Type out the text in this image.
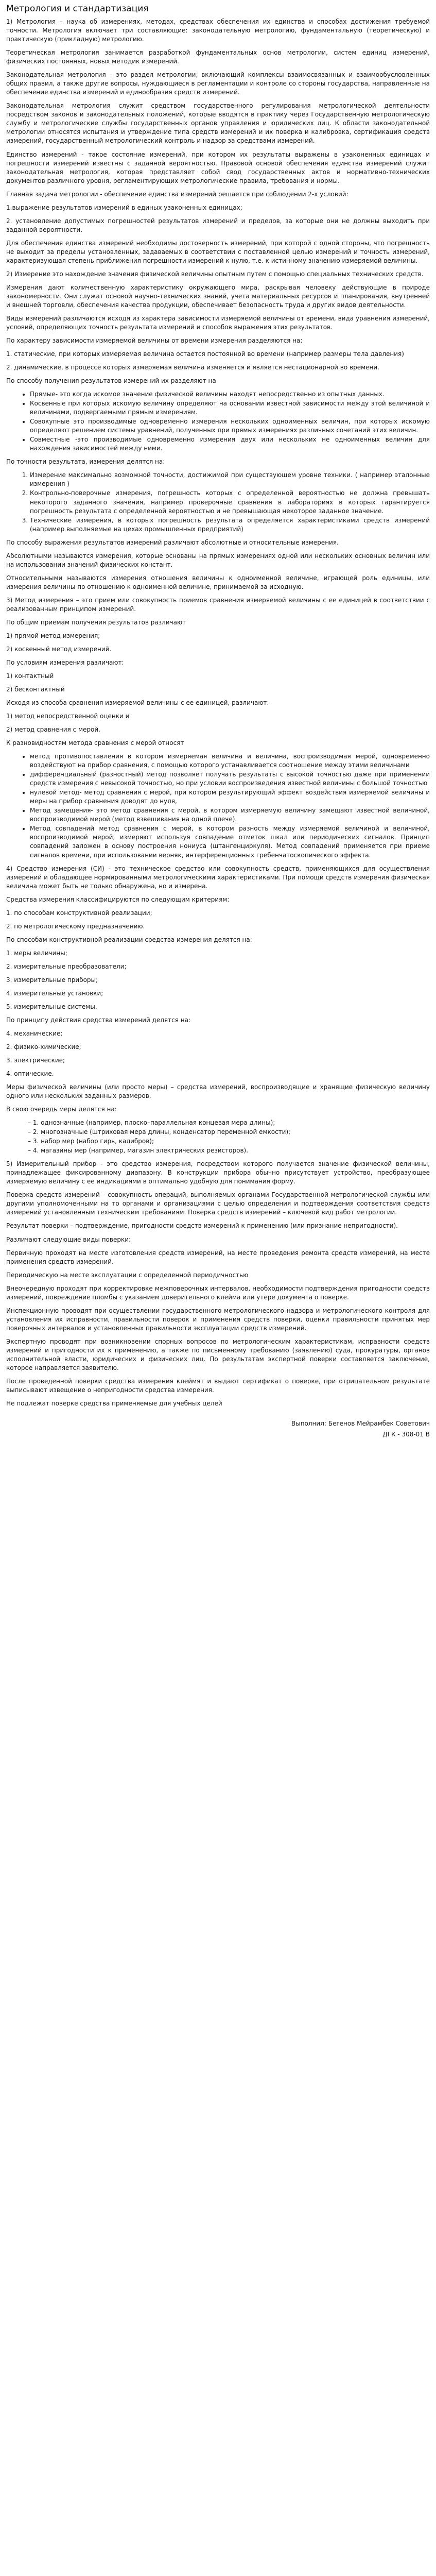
Метрология и стандартизация

1) Метрология – наука об измерениях, методах, средствах обеспечения их единства и способах достижения требуемой точности. Метрология включает три составляющие: законодательную метрологию, фундаментальную (теоретическую) и практическую (прикладную) метрологию.

Теоретическая метрология занимается разработкой фундаментальных основ метрологии, систем единиц измерений, физических постоянных, новых методик измерений.

Законодательная метрология – это раздел метрологии, включающий комплексы взаимосвязанных и взаимообусловленных общих правил, а также другие вопросы, нуждающиеся в регламентации и контроле со стороны государства, направленные на обеспечение единства измерений и единообразия средств измерений.

Законодательная метрология служит средством государственного регулирования метрологической деятельности посредством законов и законодательных положений, которые вводятся в практику через Государственную метрологическую службу и метрологические службы государственных органов управления и юридических лиц. К области законодательной метрологии относятся испытания и утверждение типа средств измерений и их поверка и калибровка, сертификация средств измерений, государственный метрологический контроль и надзор за средствами измерений.

Единство измерений - такое состояние измерений, при котором их результаты выражены в узаконенных единицах и погрешности измерений известны с заданной вероятностью. Правовой основой обеспечения единства измерений служит законодательная метрология, которая представляет собой свод государственных актов и нормативно-технических документов различного уровня, регламентирующих метрологические правила, требования и нормы.

Главная задача метрологии - обеспечение единства измерений решается при соблюдении 2-х условий:

1.выражение результатов измерений в единых узаконенных единицах;

2. установление допустимых погрешностей результатов измерений и пределов, за которые они не должны выходить при заданной вероятности.

Для обеспечения единства измерений необходимы достоверность измерений, при которой с одной стороны, что погрешность не выходит за пределы установленных, задаваемых в соответствии с поставленной целью измерений и точность измерений, характеризующая степень приближения погрешности измерений к нулю, т.е. к истинному значению измеряемой величины.

2) Измерение это нахождение значения физической величины опытным путем с помощью специальных технических средств.

Измерения дают количественную характеристику окружающего мира, раскрывая человеку действующие в природе закономерности. Они служат основой научно-технических знаний, учета материальных ресурсов и планирования, внутренней и внешней торговли, обеспечения качества продукции, обеспечивает безопасность труда и других видов деятельности.

Виды измерений различаются исходя из характера зависимости измеряемой величины от времени, вида уравнения измерений, условий, определяющих точность результата измерений и способов выражения этих результатов.

По характеру зависимости измеряемой величины от времени измерения разделяются на:

1. статические, при которых измеряемая величина остается постоянной во времени (например размеры тела давления)

2. динамические, в процессе которых измеряемая величина изменяется и является нестационарной во времени.

По способу получения результатов измерений их разделяют на

• Прямые- это когда искомое значение физической величины находят непосредственно из опытных данных.
• Косвенные при которых искомую величину определяют на основании известной зависимости между этой величиной и величинами, подвергаемыми прямым измерениям.
• Совокупные это производимые одновременно измерения нескольких одноименных величин, при которых искомую определяют решением системы уравнений, полученных при прямых измерениях различных сочетаний этих величин.
• Совместные -это производимые одновременно измерения двух или нескольких не одноименных величин для нахождения зависимостей между ними.

По точности результата, измерения делятся на:

1. Измерение максимально возможной точности, достижимой при существующем уровне техники. ( например эталонные измерения )
2. Контрольно-поверочные измерения, погрешность которых с определенной вероятностью не должна превышать некоторого заданного значения, например проверочные сравнения в лабораториях в которых гарантируется погрешность результата с определенной вероятностью и не превышающая некоторое заданное значение.
3. Технические измерения, в которых погрешность результата определяется характеристиками средств измерений (например выполняемые на цехах промышленных предприятий)

По способу выражения результатов измерений различают абсолютные и относительные измерения.

Абсолютными называются измерения, которые основаны на прямых измерениях одной или нескольких основных величин или на использовании значений физических констант.

Относительными называются измерения отношения величины к одноименной величине, играющей роль единицы, или измерения величины по отношению к одноименной величине, принимаемой за исходную.

3) Метод измерения – это прием или совокупность приемов сравнения измеряемой величины с ее единицей в соответствии с реализованным принципом измерений.

По общим приемам получения результатов различают

1) прямой метод измерения;

2) косвенный метод измерений.

По условиям измерения различают:

1) контактный

2) бесконтактный

Исходя из способа сравнения измеряемой величины с ее единицей, различают:

1) метод непосредственной оценки и

2) метод сравнения с мерой.

К разновидностям метода сравнения с мерой относят

• метод противопоставления в котором измеряемая величина и величина, воспроизводимая мерой, одновременно воздействуют на прибор сравнения, с помощью которого устанавливается соотношение между этими величинами
• дифференциальный (разностный) метод позволяет получать результаты с высокой точностью даже при применении средств измерения с невысокой точностью, но при условии воспроизведения известной величины с большой точностью
• нулевой метод- метод сравнения с мерой, при котором результирующий эффект воздействия измеряемой величины и меры на прибор сравнения доводят до нуля,
• Метод замещения- это метод сравнения с мерой, в котором измеряемую величину замещают известной величиной, воспроизводимой мерой (метод взвешивания на одной плече).
• Метод совпадений метод сравнения с мерой, в котором разность между измеряемой величиной и величиной, воспроизводимой мерой, измеряют используя совпадение отметок шкал или периодических сигналов. Принцип совпадений заложен в основу построения нониуса (штангенциркуля). Метод совпадений применяется при приеме сигналов времени, при использовании верняк, интерференционных гребенчатоскопического эффекта.

4) Средство измерения (СИ) - это техническое средство или совокупность средств, применяющихся для осуществления измерений и обладающее нормированными метрологическими характеристиками. При помощи средств измерения физическая величина может быть не только обнаружена, но и измерена.

Средства измерения классифицируются по следующим критериям:

1. по способам конструктивной реализации;

2. по метрологическому предназначению.

По способам конструктивной реализации средства измерения делятся на:

1. меры величины;

2. измерительные преобразователи;

3. измерительные приборы;

4. измерительные установки;

5. измерительные системы.

По принципу действия средства измерений делятся на:

4. механические;

2. физико-химические;

3. электрические;

4. оптические.

Меры физической величины (или просто меры) – средства измерений, воспроизводящие и хранящие физическую величину одного или нескольких заданных размеров.

В свою очередь меры делятся на:

– 1. однозначные (например, плоско–параллельная концевая мера длины);
– 2. многозначные (штриховая мера длины, конденсатор переменной емкости);
– 3. набор мер (набор гирь, калибров);
– 4. магазины мер (например, магазин электрических резисторов).

5) Измерительный прибор - это средство измерения, посредством которого получается значение физической величины, принадлежащее фиксированному диапазону. В конструкции прибора обычно присутствует устройство, преобразующее измеряемую величину с ее индикациями в оптимально удобную для понимания форму.

Поверка средств измерений – совокупность операций, выполняемых органами Государственной метрологической службы или другими уполномоченными на то органами и организациями с целью определения и подтверждения соответствия средств измерений установленным техническим требованиям. Поверка средств измерений – ключевой вид работ метрологии.

Результат поверки – подтверждение, пригодности средств измерений к применению (или признание непригодности).

Различают следующие виды поверки:

Первичную проходят на месте изготовления средств измерений, на месте проведения ремонта средств измерений, на месте применения средств измерений.

Периодическую на месте эксплуатации с определенной периодичностью

Внеочередную проходят при корректировке межповерочных интервалов, необходимости подтверждения пригодности средств измерений, повреждение пломбы с указанием доверительного клейма или утере документа о поверке.

Инспекционную проводят при осуществлении государственного метрологического надзора и метрологического контроля для установления их исправности, правильности поверок и применения средств поверки, оценки правильности принятых мер поверочных интервалов и установленных правильности эксплуатации средств измерений.

Экспертную проводят при возникновении спорных вопросов по метрологическим характеристикам, исправности средств измерений и пригодности их к применению, а также по письменному требованию (заявлению) суда, прокуратуры, органов исполнительной власти, юридических и физических лиц. По результатам экспертной поверки составляется заключение, которое направляется заявителю.

После проведенной поверки средства измерения клеймят и выдают сертификат о поверке, при отрицательном результате выписывают извещение о непригодности средства измерения.

Не подлежат поверке средства применяемые для учебных целей

Выполнил: Бегенов Мейрамбек Советович

ДГК - 308-01 В
